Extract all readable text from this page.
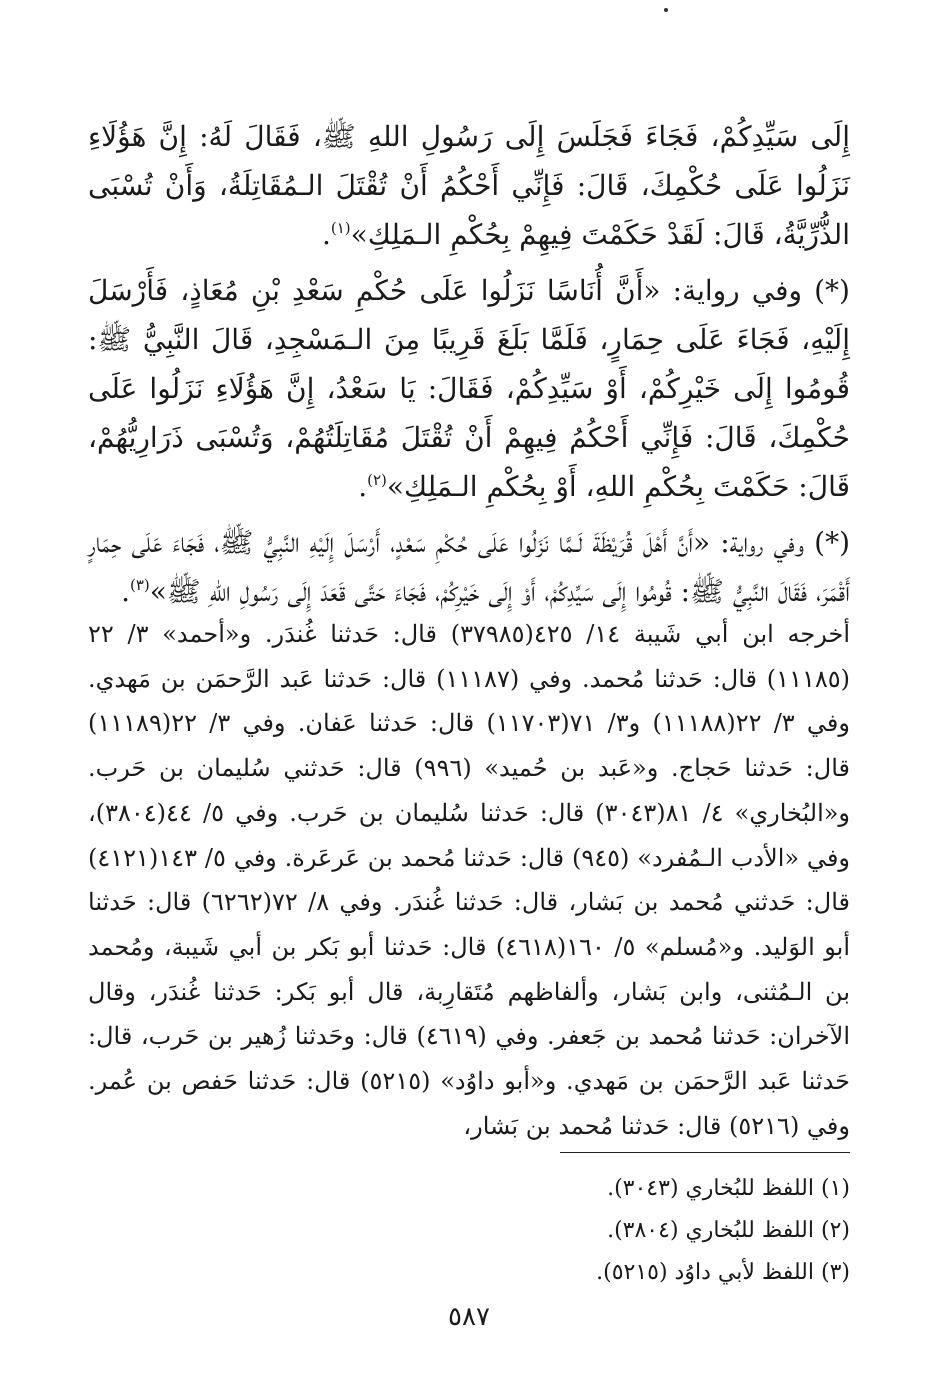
إِلَى سَيِّدِكُمْ، فَجَاءَ فَجَلَسَ إِلَى رَسُولِ اللهِ ﷺ، فَقَالَ لَهُ: إِنَّ هَؤُلَاءِ نَزَلُوا عَلَى حُكْمِكَ، قَالَ: فَإِنِّي أَحْكُمُ أَنْ تُقْتَلَ الـمُقَاتِلَةُ، وَأَنْ تُسْبَى الذُّرِّيَّةُ، قَالَ: لَقَدْ حَكَمْتَ فِيهِمْ بِحُكْمِ الـمَلِكِ»$^{(١)}$.

(*) وفي رواية: «أَنَّ أُنَاسًا نَزَلُوا عَلَى حُكْمِ سَعْدِ بْنِ مُعَاذٍ، فَأَرْسَلَ إِلَيْهِ، فَجَاءَ عَلَى حِمَارٍ، فَلَمَّا بَلَغَ قَرِيبًا مِنَ الـمَسْجِدِ، قَالَ النَّبِيُّ ﷺ: قُومُوا إِلَى خَيْرِكُمْ، أَوْ سَيِّدِكُمْ، فَقَالَ: يَا سَعْدُ، إِنَّ هَؤُلَاءِ نَزَلُوا عَلَى حُكْمِكَ، قَالَ: فَإِنِّي أَحْكُمُ فِيهِمْ أَنْ تُقْتَلَ مُقَاتِلَتُهُمْ، وَتُسْبَى ذَرَارِيُّهُمْ، قَالَ: حَكَمْتَ بِحُكْمِ اللهِ، أَوْ بِحُكْمِ الـمَلِكِ»$^{(٢)}$.

(*) وفي رواية: «أَنَّ أَهْلَ قُرَيْظَةَ لَـمَّا نَزَلُوا عَلَى حُكْمِ سَعْدٍ، أَرْسَلَ إِلَيْهِ النَّبِيُّ ﷺ، فَجَاءَ عَلَى حِمَارٍ أَقْمَرَ، فَقَالَ النَّبِيُّ ﷺ: قُومُوا إِلَى سَيِّدِكُمْ، أَوْ إِلَى خَيْرِكُمْ، فَجَاءَ حَتَّى قَعَدَ إِلَى رَسُولِ اللهِ ﷺ»$^{(٣)}$.

أخرجه ابن أبي شَيبة ١٤/ ٤٢٥(٣٧٩٨٥) قال: حَدثنا غُندَر. و«أحمد» ٣/ ٢٢ (١١١٨٥) قال: حَدثنا مُحمد. وفي (١١١٨٧) قال: حَدثنا عَبد الرَّحمَن بن مَهدي. وفي ٣/ ٢٢(١١١٨٨) و٣/ ٧١(١١٧٠٣) قال: حَدثنا عَفان. وفي ٣/ ٢٢(١١١٨٩) قال: حَدثنا حَجاج. و«عَبد بن حُميد» (٩٩٦) قال: حَدثني سُليمان بن حَرب. و«البُخاري» ٤/ ٨١(٣٠٤٣) قال: حَدثنا سُليمان بن حَرب. وفي ٥/ ٤٤(٣٨٠٤)، وفي «الأدب الـمُفرد» (٩٤٥) قال: حَدثنا مُحمد بن عَرعَرة. وفي ٥/ ١٤٣(٤١٢١) قال: حَدثني مُحمد بن بَشار، قال: حَدثنا غُندَر. وفي ٨/ ٧٢(٦٢٦٢) قال: حَدثنا أبو الوَليد. و«مُسلم» ٥/ ١٦٠(٤٦١٨) قال: حَدثنا أبو بَكر بن أبي شَيبة، ومُحمد بن الـمُثنى، وابن بَشار، وألفاظهم مُتَقارِبة، قال أبو بَكر: حَدثنا غُندَر، وقال الآخران: حَدثنا مُحمد بن جَعفر. وفي (٤٦١٩) قال: وحَدثنا زُهير بن حَرب، قال: حَدثنا عَبد الرَّحمَن بن مَهدي. و«أبو داوُد» (٥٢١٥) قال: حَدثنا حَفص بن عُمر. وفي (٥٢١٦) قال: حَدثنا مُحمد بن بَشار،

(١) اللفظ للبُخاري (٣٠٤٣).
(٢) اللفظ للبُخاري (٣٨٠٤).
(٣) اللفظ لأبي داوُد (٥٢١٥).
٥٨٧
